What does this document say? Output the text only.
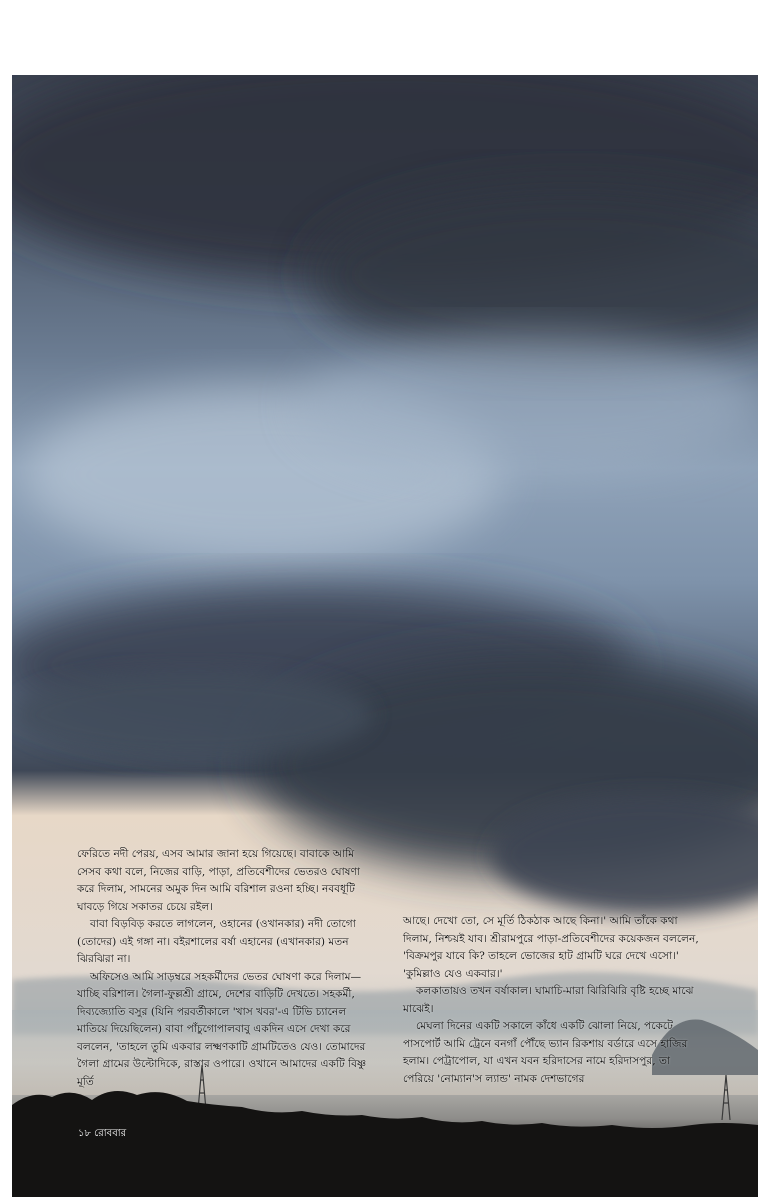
ফেরিতে নদী পেরয়, এসব আমার জানা হয়ে গিয়েছে। বাবাকে আমি সেসব কথা বলে, নিজের বাড়ি, পাড়া, প্রতিবেশীদের ভেতরও ঘোষণা করে দিলাম, সামনের অমুক দিন আমি বরিশাল রওনা হচ্ছি। নববধূটি ঘাবড়ে গিয়ে সকাতর চেয়ে রইল।

বাবা বিড়বিড় করতে লাগলেন, ওহানের (ওখানকার) নদী তোগো (তোদের) এই গঙ্গা না। বইরশালের বর্ষা এহানের (এখানকার) মতন ঝিরঝিরা না।

অফিসেও আমি সাড়ম্বরে সহকর্মীদের ভেতর ঘোষণা করে দিলাম— যাচ্ছি বরিশাল। গৈলা-ফুল্লশ্রী গ্রামে, দেশের বাড়িটি দেখতে। সহকর্মী, দিব্যজ্যোতি বসুর (যিনি পরবর্তীকালে 'খাস খবর'-এ টিভি চ্যানেল মাতিয়ে দিয়েছিলেন) বাবা পাঁচুগোপালবাবু একদিন এসে দেখা করে বললেন, 'তাহলে তুমি একবার লক্ষ্মণকাটি গ্রামটিতেও যেও। তোমাদের গৈলা গ্রামের উল্টোদিকে, রাস্তার ওপারে। ওখানে আমাদের একটি বিষ্ণু মূর্তি

আছে। দেখো তো, সে মূর্তি ঠিকঠাক আছে কিনা।' আমি তাঁকে কথা দিলাম, নিশ্চয়ই যাব। শ্রীরামপুরে পাড়া-প্রতিবেশীদের কয়েকজন বললেন, 'বিক্রমপুর যাবে কি? তাহলে ভোজের হাট গ্রামটি ঘরে দেখে এসো।' 'কুমিল্লাও যেও একবার।'

কলকাতায়ও তখন বর্ষাকাল। ঘামাচি-মারা ঝিরিঝিরি বৃষ্টি হচ্ছে মাঝে মাঝেই।

মেঘলা দিনের একটি সকালে কাঁধে একটি ঝোলা নিয়ে, পকেটে পাসপোর্ট আমি ট্রেনে বনগাঁ পৌঁছে ভ্যান রিকশায় বর্ডারে এসে হাজির হলাম। পেট্রাপোল, যা এখন যবন হরিদাসের নামে হরিদাসপুর, তা পেরিয়ে 'নোম্যান'স ল্যান্ড' নামক দেশভাগের

১৮ রোববার
